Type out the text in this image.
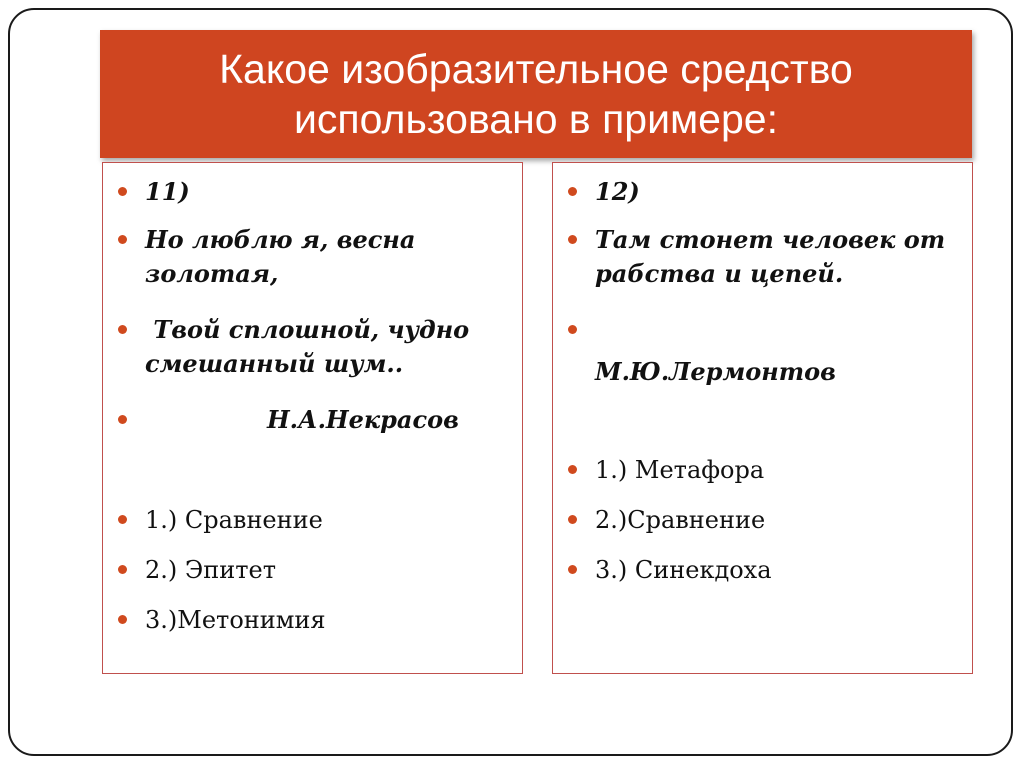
Какое изобразительное средство использовано в примере:
11)
Но люблю я, весна золотая,
Твой сплошной, чудно смешанный шум..
Н.А.Некрасов
1.) Сравнение
2.) Эпитет
3.)Метонимия
12)
Там стонет человек от рабства и цепей.
М.Ю.Лермонтов
1.) Метафора
2.)Сравнение
3.) Синекдоха
